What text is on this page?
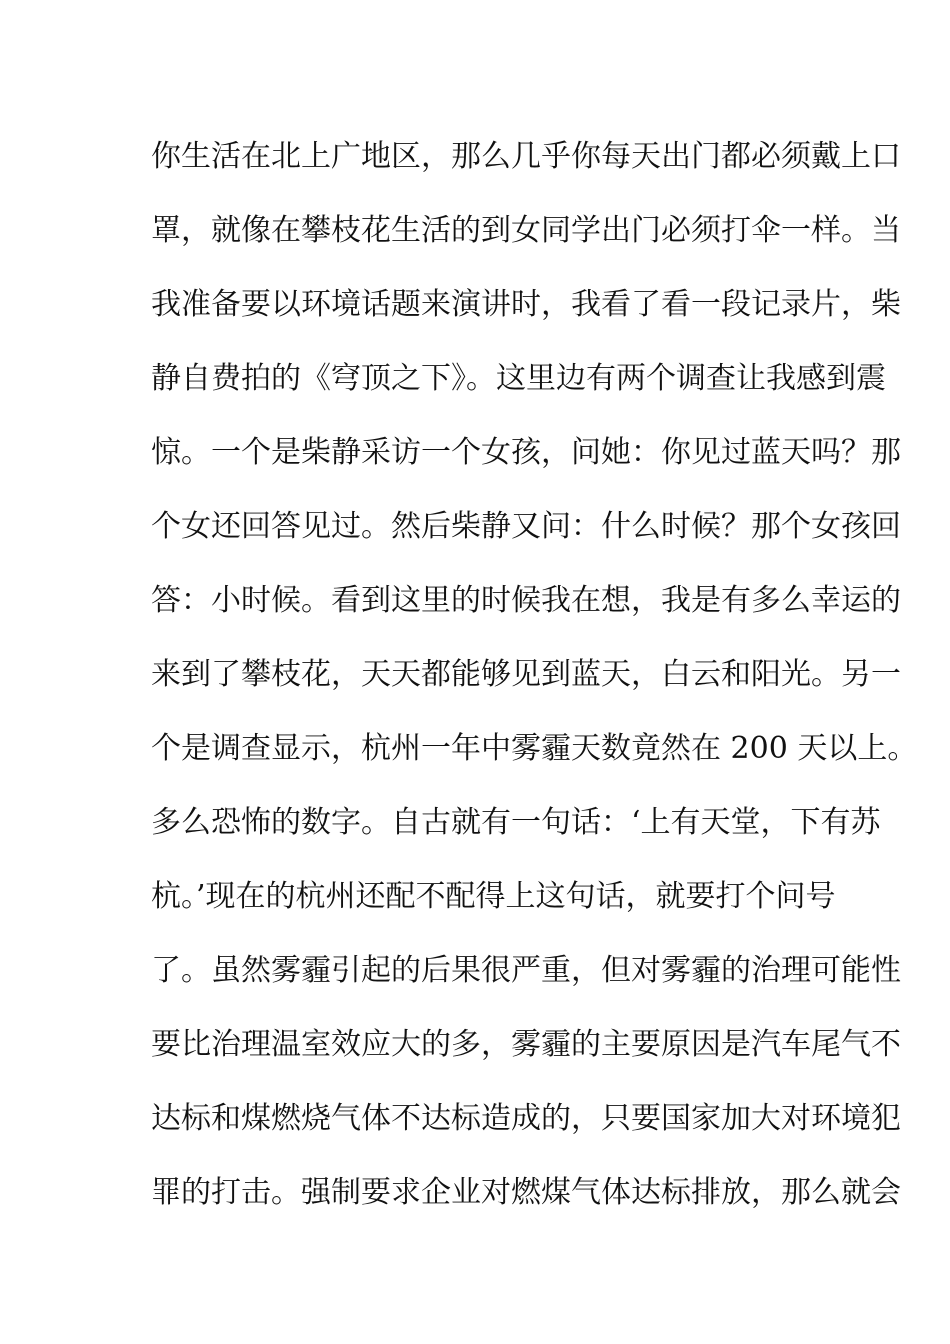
你生活在北上广地区，那么几乎你每天出门都必须戴上口
罩，就像在攀枝花生活的到女同学出门必须打伞一样。当
我准备要以环境话题来演讲时，我看了看一段记录片，柴
静自费拍的《穹顶之下》。这里边有两个调查让我感到震
惊。一个是柴静采访一个女孩，问她：你见过蓝天吗？那
个女还回答见过。然后柴静又问：什么时候？那个女孩回
答：小时候。看到这里的时候我在想，我是有多么幸运的
来到了攀枝花，天天都能够见到蓝天，白云和阳光。另一
个是调查显示，杭州一年中雾霾天数竟然在 200 天以上。
多么恐怖的数字。自古就有一句话：‘上有天堂，下有苏
杭。’现在的杭州还配不配得上这句话，就要打个问号
了。虽然雾霾引起的后果很严重，但对雾霾的治理可能性
要比治理温室效应大的多，雾霾的主要原因是汽车尾气不
达标和煤燃烧气体不达标造成的，只要国家加大对环境犯
罪的打击。强制要求企业对燃煤气体达标排放，那么就会
